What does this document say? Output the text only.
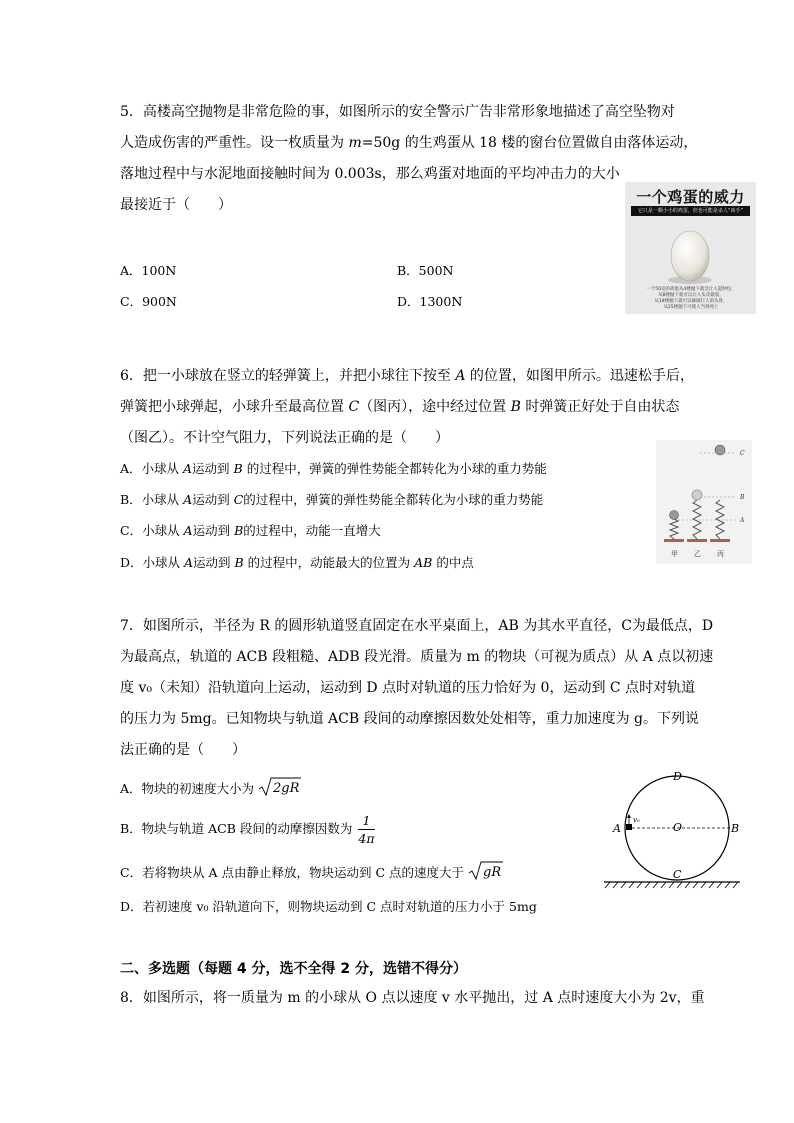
5．高楼高空抛物是非常危险的事，如图所示的安全警示广告非常形象地描述了高空坠物对
人造成伤害的严重性。设一枚质量为 m=50g 的生鸡蛋从 18 楼的窗台位置做自由落体运动，
落地过程中与水泥地面接触时间为 0.003s，那么鸡蛋对地面的平均冲击力的大小
最接近于（　　）
A．100N	B．500N
C．900N	D．1300N
一个鸡蛋的威力
它只是一颗小小的鸡蛋，但也可能是杀人“凶手”
一个50克的鸡蛋从4楼抛下就会让人起肿包，
从8楼抛下就可以让人头皮破裂，
从18楼抛下就可以砸破行人的头骨，
从25楼抛下可使人当场死亡
6．把一小球放在竖立的轻弹簧上，并把小球往下按至 A 的位置，如图甲所示。迅速松手后，
弹簧把小球弹起，小球升至最高位置 C（图丙），途中经过位置 B 时弹簧正好处于自由状态
（图乙）。不计空气阻力，下列说法正确的是（　　）
A．小球从 A运动到 B 的过程中，弹簧的弹性势能全都转化为小球的重力势能
B．小球从 A运动到 C的过程中，弹簧的弹性势能全都转化为小球的重力势能
C．小球从 A运动到 B的过程中，动能一直增大
D．小球从 A运动到 B 的过程中，动能最大的位置为 AB 的中点
C
B
A
甲 乙 丙
7．如图所示，半径为 R 的圆形轨道竖直固定在水平桌面上，AB 为其水平直径，C为最低点，D
为最高点，轨道的 ACB 段粗糙、ADB 段光滑。质量为 m 的物块（可视为质点）从 A 点以初速
度 v₀（未知）沿轨道向上运动，运动到 D 点时对轨道的压力恰好为 0，运动到 C 点时对轨道
的压力为 5mg。已知物块与轨道 ACB 段间的动摩擦因数处处相等，重力加速度为 g。下列说
法正确的是（　　）
A．物块的初速度大小为 2gR
B．物块与轨道 ACB 段间的动摩擦因数为 $\frac{1}{4\pi}$
C．若将物块从 A 点由静止释放，物块运动到 C 点的速度大于 gR
D．若初速度 v₀ 沿轨道向下，则物块运动到 C 点时对轨道的压力小于 5mg
D
A	O	B
C
v₀
二、多选题（每题 4 分，选不全得 2 分，选错不得分）
8．如图所示，将一质量为 m 的小球从 O 点以速度 v 水平抛出，过 A 点时速度大小为 2v，重
